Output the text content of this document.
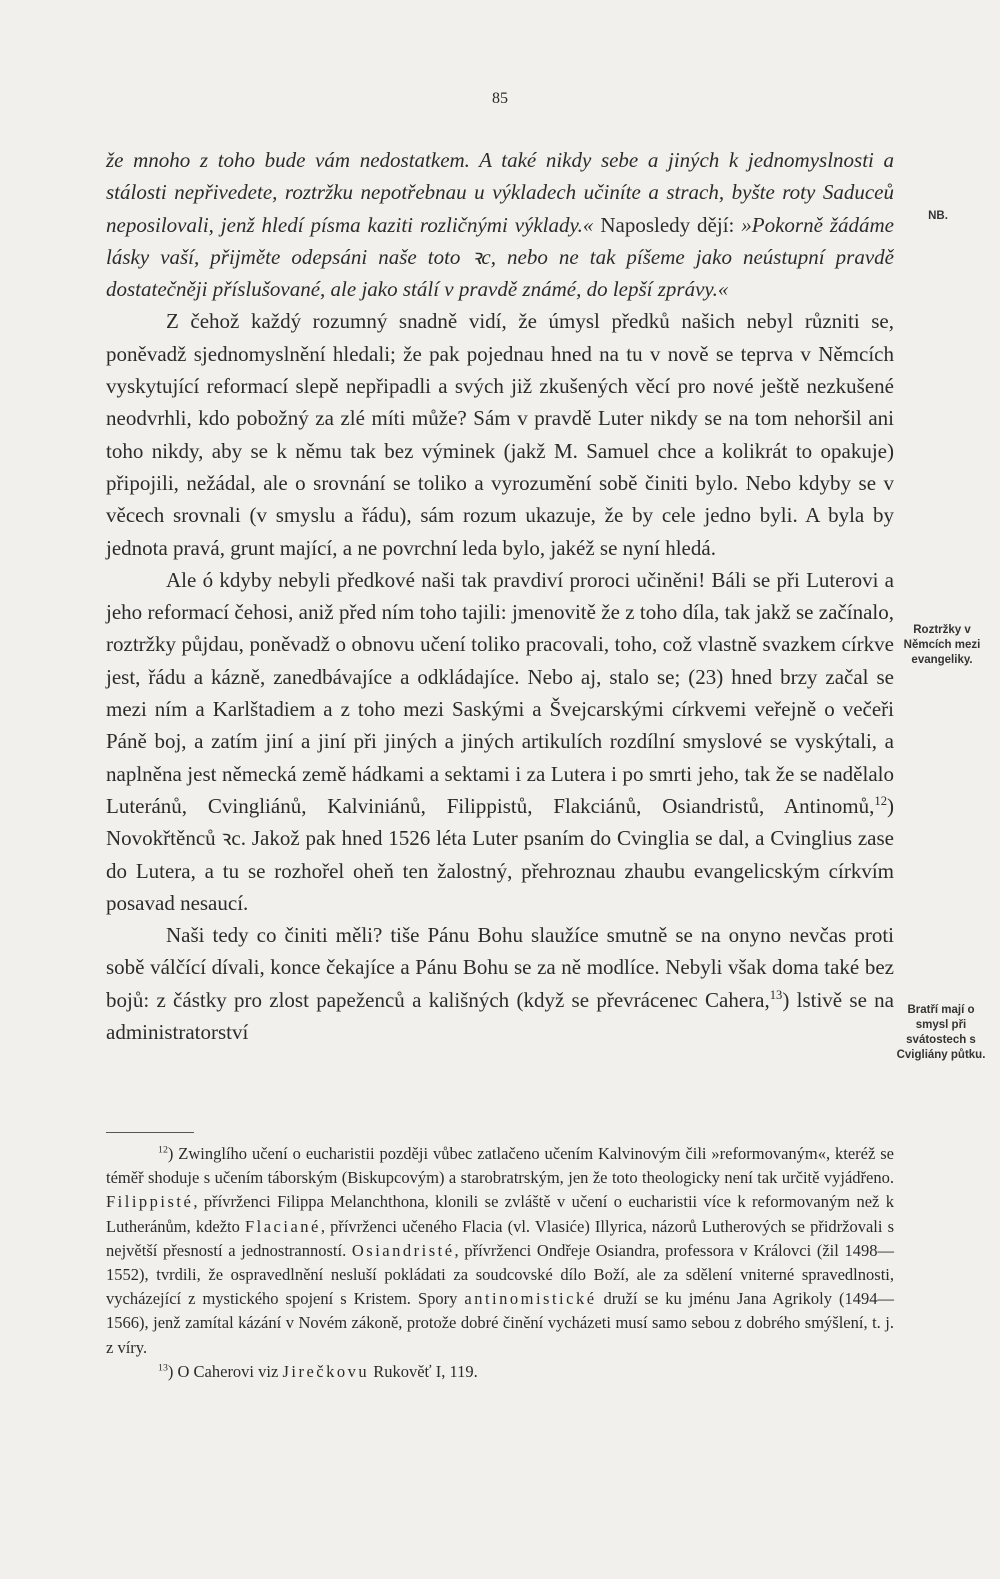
85

že mnoho z toho bude vám nedostatkem. A také nikdy sebe a jiných k jednomyslnosti a stálosti nepřivedete, roztržku nepotřebnau u výkladech učiníte a strach, byšte roty Saduceů neposilovali, jenž hledí písma kaziti rozličnými výklady.« Naposledy dějí: »Pokorně žádáme lásky vaší, přijměte odepsáni naše toto ꝛc, nebo ne tak píšeme jako neústupní pravdě dostatečněji příslušované, ale jako stálí v pravdě známé, do lepší zprávy.«

Z čehož každý rozumný snadně vidí, že úmysl předků našich nebyl různiti se, poněvadž sjednomyslnění hledali; že pak pojednau hned na tu v nově se teprva v Němcích vyskytující reformací slepě nepřipadli a svých již zkušených věcí pro nové ještě nezkušené neodvrhli, kdo pobožný za zlé míti může? Sám v pravdě Luter nikdy se na tom nehoršil ani toho nikdy, aby se k němu tak bez výminek (jakž M. Samuel chce a kolikrát to opakuje) připojili, nežádal, ale o srovnání se toliko a vyrozumění sobě činiti bylo. Nebo kdyby se v věcech srovnali (v smyslu a řádu), sám rozum ukazuje, že by cele jedno byli. A byla by jednota pravá, grunt mající, a ne povrchní leda bylo, jakéž se nyní hledá.

Ale ó kdyby nebyli předkové naši tak pravdiví proroci učiněni! Báli se při Luterovi a jeho reformací čehosi, aniž před ním toho tajili: jmenovitě že z toho díla, tak jakž se začínalo, roztržky půjdau, poněvadž o obnovu učení toliko pracovali, toho, což vlastně svazkem církve jest, řádu a kázně, zanedbávajíce a odkládajíce. Nebo aj, stalo se; (23) hned brzy začal se mezi ním a Karlštadiem a z toho mezi Saskými a Švejcarskými církvemi veřejně o večeři Páně boj, a zatím jiní a jiní při jiných a jiných artikulích rozdílní smyslové se vyskýtali, a naplněna jest německá země hádkami a sektami i za Lutera i po smrti jeho, tak že se nadělalo Luteránů, Cvingliánů, Kalviniánů, Filippistů, Flakciánů, Osiandristů, Antinomů,$^{12}$) Novokřtěnců ꝛc. Jakož pak hned 1526 léta Luter psaním do Cvinglia se dal, a Cvinglius zase do Lutera, a tu se rozhořel oheň ten žalostný, přehroznau zhaubu evangelicským církvím posavad nesaucí.

Naši tedy co činiti měli? tiše Pánu Bohu slaužíce smutně se na onyno nevčas proti sobě válčící dívali, konce čekajíce a Pánu Bohu se za ně modlíce. Nebyli však doma také bez bojů: z částky pro zlost papeženců a kališných (když se převrácenec Cahera,$^{13}$) lstivě se na administratorství

NB.
Roztržky v Němcích mezi evangeliky.
Bratří mají o smysl při svátostech s Cvigliány půtku.

$^{12}$) Zwinglího učení o eucharistii později vůbec zatlačeno učením Kalvinovým čili »reformovaným«, kteréž se téměř shoduje s učením táborským (Biskupcovým) a starobratrským, jen že toto theologicky není tak určitě vyjádřeno. Filippisté, přívrženci Filippa Melanchthona, klonili se zvláště v učení o eucharistii více k reformovaným než k Lutheránům, kdežto Flaciané, přívrženci učeného Flacia (vl. Vlasiće) Illyrica, názorů Lutherových se přidržovali s největší přesností a jednostranností. Osiandristé, přívrženci Ondřeje Osiandra, professora v Královci (žil 1498—1552), tvrdili, že ospravedlnění nesluší pokládati za soudcovské dílo Boží, ale za sdělení vniterné spravedlnosti, vycházející z mystického spojení s Kristem. Spory antinomistické druží se ku jménu Jana Agrikoly (1494—1566), jenž zamítal kázání v Novém zákoně, protože dobré činění vycházeti musí samo sebou z dobrého smýšlení, t. j. z víry.

$^{13}$) O Caherovi viz Jirečkovu Rukověť I, 119.
